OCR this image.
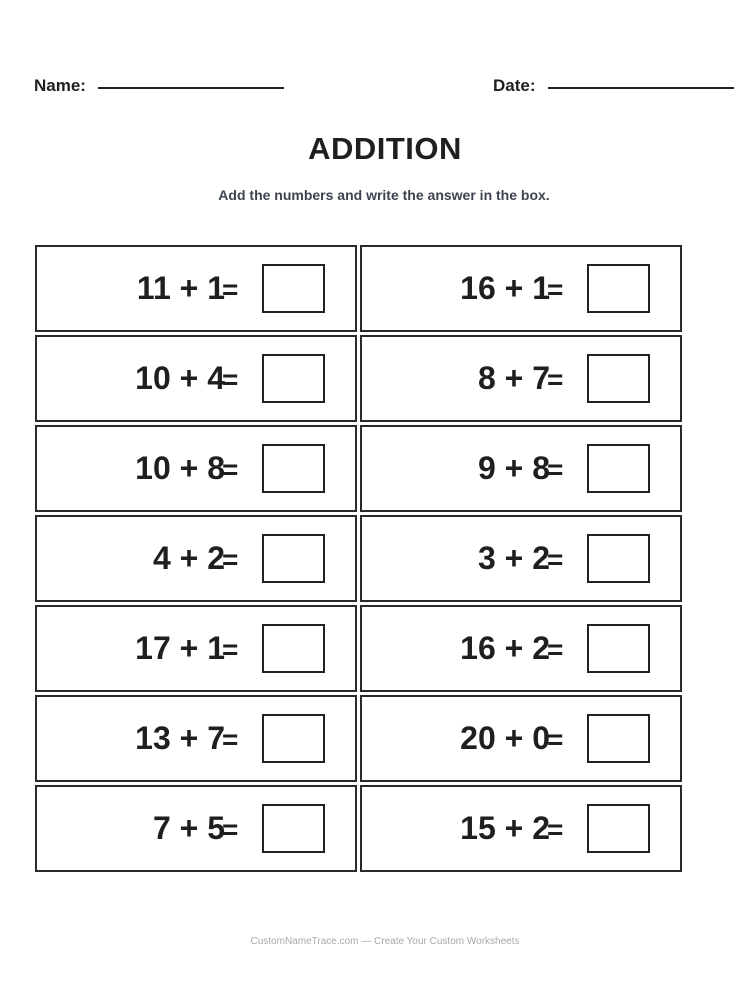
Name:	Date:
ADDITION
Add the numbers and write the answer in the box.
11 + 1
=	16 + 1
=
10 + 4
=	8 + 7
=
10 + 8
=	9 + 8
=
4 + 2
=	3 + 2
=
17 + 1
=	16 + 2
=
13 + 7
=	20 + 0
=
7 + 5
=	15 + 2
=
CustomNameTrace.com — Create Your Custom Worksheets
